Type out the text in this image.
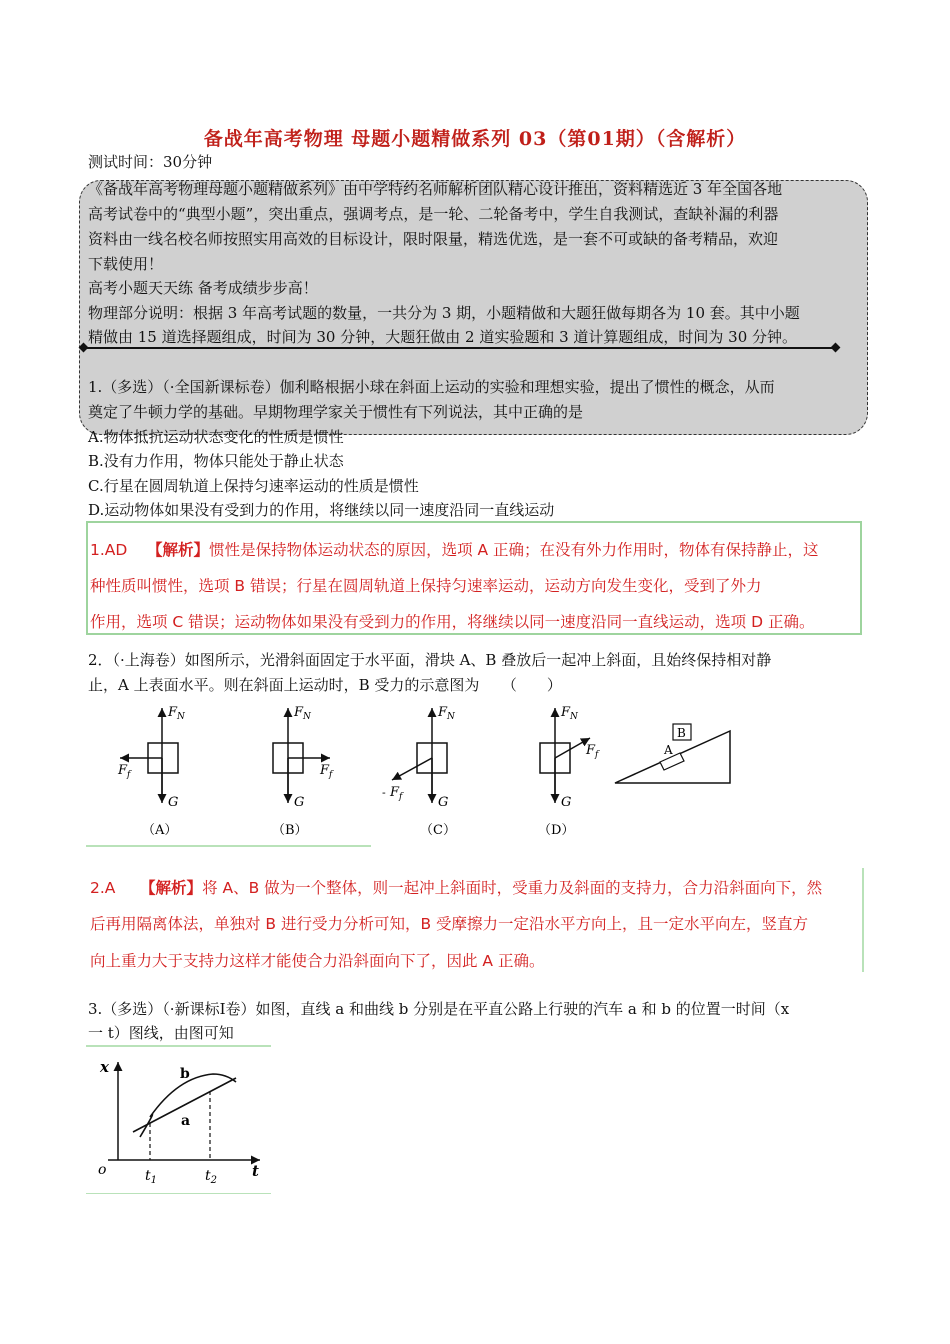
备战年高考物理 母题小题精做系列 03（第01期）（含解析）
测试时间：30分钟
《备战年高考物理母题小题精做系列》由中学特约名师解析团队精心设计推出，资料精选近 3 年全国各地
高考试卷中的“典型小题”，突出重点，强调考点，是一轮、二轮备考中，学生自我测试，查缺补漏的利器
资料由一线名校名师按照实用高效的目标设计，限时限量，精选优选，是一套不可或缺的备考精品，欢迎
下载使用！
高考小题天天练 备考成绩步步高！
物理部分说明：根据 3 年高考试题的数量，一共分为 3 期，小题精做和大题狂做每期各为 10 套。其中小题
精做由 15 道选择题组成，时间为 30 分钟，大题狂做由 2 道实验题和 3 道计算题组成，时间为 30 分钟。
1.（多选）（·全国新课标卷）伽利略根据小球在斜面上运动的实验和理想实验，提出了惯性的概念，从而
奠定了牛顿力学的基础。早期物理学家关于惯性有下列说法，其中正确的是
A.物体抵抗运动状态变化的性质是惯性
B.没有力作用，物体只能处于静止状态
C.行星在圆周轨道上保持匀速率运动的性质是惯性
D.运动物体如果没有受到力的作用，将继续以同一速度沿同一直线运动
1.AD 【解析】惯性是保持物体运动状态的原因，选项 A 正确；在没有外力作用时，物体有保持静止，这
种性质叫惯性，选项 B 错误；行星在圆周轨道上保持匀速率运动，运动方向发生变化，受到了外力
作用，选项 C 错误；运动物体如果没有受到力的作用，将继续以同一速度沿同一直线运动，选项 D 正确。
2．（·上海卷）如图所示，光滑斜面固定于水平面，滑块 A、B 叠放后一起冲上斜面，且始终保持相对静
止，A 上表面水平。则在斜面上运动时，B 受力的示意图为　　（　　）
$F_N$
$F_f$
G
（A）
$F_N$
$F_f$
G
（B）
$F_N$
- $F_f$	G
（C）
$F_N$
$F_f$
G
（D）
B
A
2.A 【解析】将 A、B 做为一个整体，则一起冲上斜面时，受重力及斜面的支持力，合力沿斜面向下，然
后再用隔离体法，单独对 B 进行受力分析可知，B 受摩擦力一定沿水平方向上，且一定水平向左，竖直方
向上重力大于支持力这样才能使合力沿斜面向下了，因此 A 正确。
3.（多选）（·新课标Ⅰ卷）如图，直线 a 和曲线 b 分别是在平直公路上行驶的汽车 a 和 b 的位置一时间（x
一 t）图线，由图可知
x
t
o
b
a
$t_1$	$t_2$
